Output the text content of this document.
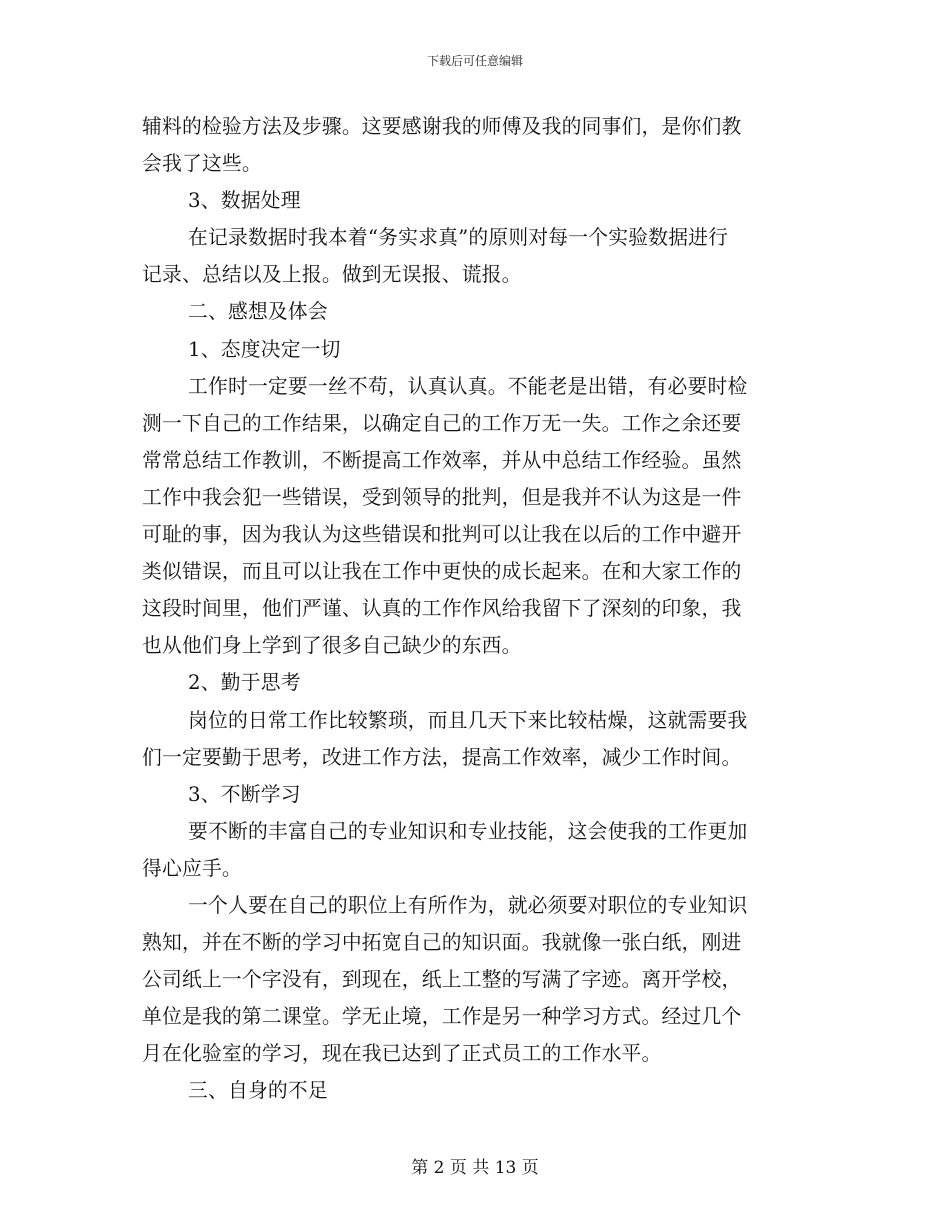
下载后可任意编辑
辅料的检验方法及步骤。这要感谢我的师傅及我的同事们，是你们教
会我了这些。
3、数据处理
在记录数据时我本着“务实求真”的原则对每一个实验数据进行
记录、总结以及上报。做到无误报、谎报。
二、感想及体会
1、态度决定一切
工作时一定要一丝不苟，认真认真。不能老是出错，有必要时检
测一下自己的工作结果，以确定自己的工作万无一失。工作之余还要
常常总结工作教训，不断提高工作效率，并从中总结工作经验。虽然
工作中我会犯一些错误，受到领导的批判，但是我并不认为这是一件
可耻的事，因为我认为这些错误和批判可以让我在以后的工作中避开
类似错误，而且可以让我在工作中更快的成长起来。在和大家工作的
这段时间里，他们严谨、认真的工作作风给我留下了深刻的印象，我
也从他们身上学到了很多自己缺少的东西。
2、勤于思考
岗位的日常工作比较繁琐，而且几天下来比较枯燥，这就需要我
们一定要勤于思考，改进工作方法，提高工作效率，减少工作时间。
3、不断学习
要不断的丰富自己的专业知识和专业技能，这会使我的工作更加
得心应手。
一个人要在自己的职位上有所作为，就必须要对职位的专业知识
熟知，并在不断的学习中拓宽自己的知识面。我就像一张白纸，刚进
公司纸上一个字没有，到现在，纸上工整的写满了字迹。离开学校，
单位是我的第二课堂。学无止境，工作是另一种学习方式。经过几个
月在化验室的学习，现在我已达到了正式员工的工作水平。
三、自身的不足
第 2 页 共 13 页
